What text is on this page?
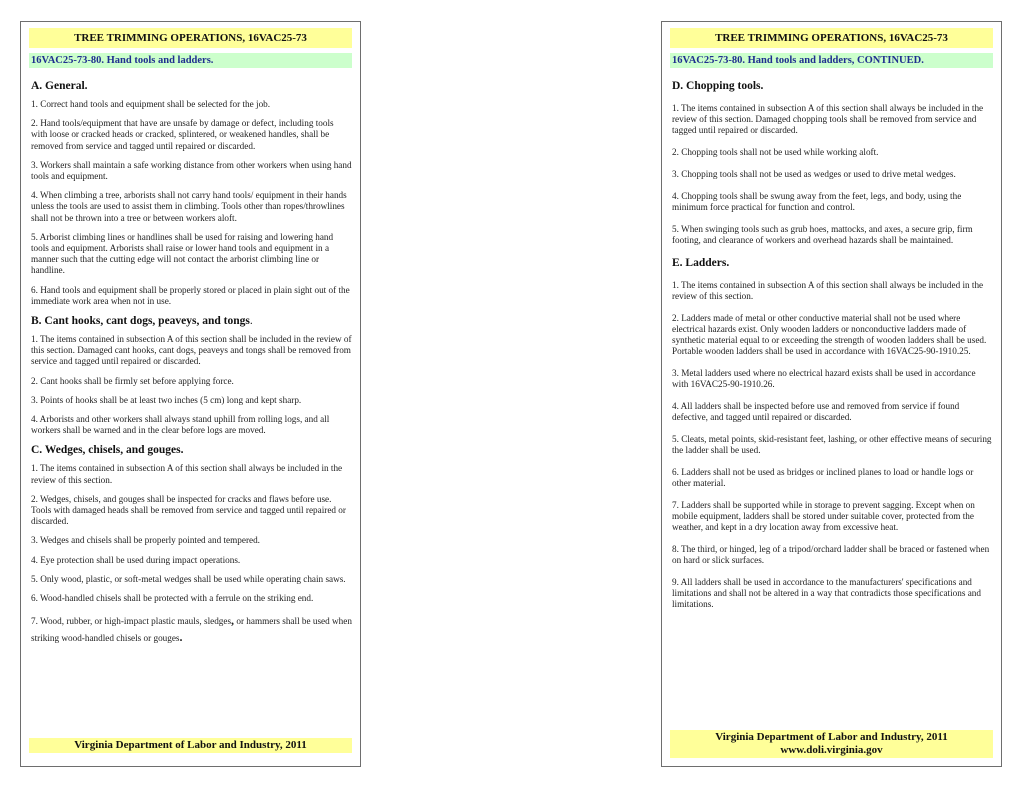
TREE TRIMMING OPERATIONS, 16VAC25-73
16VAC25-73-80. Hand tools and ladders.
A. General.

1. Correct hand tools and equipment shall be selected for the job.

2. Hand tools/equipment that have are unsafe by damage or defect, including tools with loose or cracked heads or cracked, splintered, or weakened handles, shall be removed from service and tagged until repaired or discarded.

3. Workers shall maintain a safe working distance from other workers when using hand tools and equipment.

4. When climbing a tree, arborists shall not carry hand tools/ equipment in their hands unless the tools are used to assist them in climbing. Tools other than ropes/throwlines shall not be thrown into a tree or between workers aloft.

5. Arborist climbing lines or handlines shall be used for raising and lowering hand tools and equipment. Arborists shall raise or lower hand tools and equipment in a manner such that the cutting edge will not contact the arborist climbing line or handline.

6. Hand tools and equipment shall be properly stored or placed in plain sight out of the immediate work area when not in use.

B. Cant hooks, cant dogs, peaveys, and tongs.

1. The items contained in subsection A of this section shall be included in the review of this section. Damaged cant hooks, cant dogs, peaveys and tongs shall be removed from service and tagged until repaired or discarded.

2. Cant hooks shall be firmly set before applying force.

3. Points of hooks shall be at least two inches (5 cm) long and kept sharp.

4. Arborists and other workers shall always stand uphill from rolling logs, and all workers shall be warned and in the clear before logs are moved.

C. Wedges, chisels, and gouges.

1. The items contained in subsection A of this section shall always be included in the review of this section.

2. Wedges, chisels, and gouges shall be inspected for cracks and flaws before use. Tools with damaged heads shall be removed from service and tagged until repaired or discarded.

3. Wedges and chisels shall be properly pointed and tempered.

4. Eye protection shall be used during impact operations.

5. Only wood, plastic, or soft-metal wedges shall be used while operating chain saws.

6. Wood-handled chisels shall be protected with a ferrule on the striking end.

7. Wood, rubber, or high-impact plastic mauls, sledges, or hammers shall be used when striking wood-handled chisels or gouges.

Virginia Department of Labor and Industry, 2011
TREE TRIMMING OPERATIONS, 16VAC25-73
16VAC25-73-80. Hand tools and ladders, CONTINUED.
D. Chopping tools.

1. The items contained in subsection A of this section shall always be included in the review of this section. Damaged chopping tools shall be removed from service and tagged until repaired or discarded.

2. Chopping tools shall not be used while working aloft.

3. Chopping tools shall not be used as wedges or used to drive metal wedges.

4. Chopping tools shall be swung away from the feet, legs, and body, using the minimum force practical for function and control.

5. When swinging tools such as grub hoes, mattocks, and axes, a secure grip, firm footing, and clearance of workers and overhead hazards shall be maintained.

E. Ladders.

1. The items contained in subsection A of this section shall always be included in the review of this section.

2. Ladders made of metal or other conductive material shall not be used where electrical hazards exist. Only wooden ladders or nonconductive ladders made of synthetic material equal to or exceeding the strength of wooden ladders shall be used. Portable wooden ladders shall be used in accordance with 16VAC25-90-1910.25.

3. Metal ladders used where no electrical hazard exists shall be used in accordance with 16VAC25-90-1910.26.

4. All ladders shall be inspected before use and removed from service if found defective, and tagged until repaired or discarded.

5. Cleats, metal points, skid-resistant feet, lashing, or other effective means of securing the ladder shall be used.

6. Ladders shall not be used as bridges or inclined planes to load or handle logs or other material.

7. Ladders shall be supported while in storage to prevent sagging. Except when on mobile equipment, ladders shall be stored under suitable cover, protected from the weather, and kept in a dry location away from excessive heat.

8. The third, or hinged, leg of a tripod/orchard ladder shall be braced or fastened when on hard or slick surfaces.

9. All ladders shall be used in accordance to the manufacturers' specifications and limitations and shall not be altered in a way that contradicts those specifications and limitations.

Virginia Department of Labor and Industry, 2011
www.doli.virginia.gov
